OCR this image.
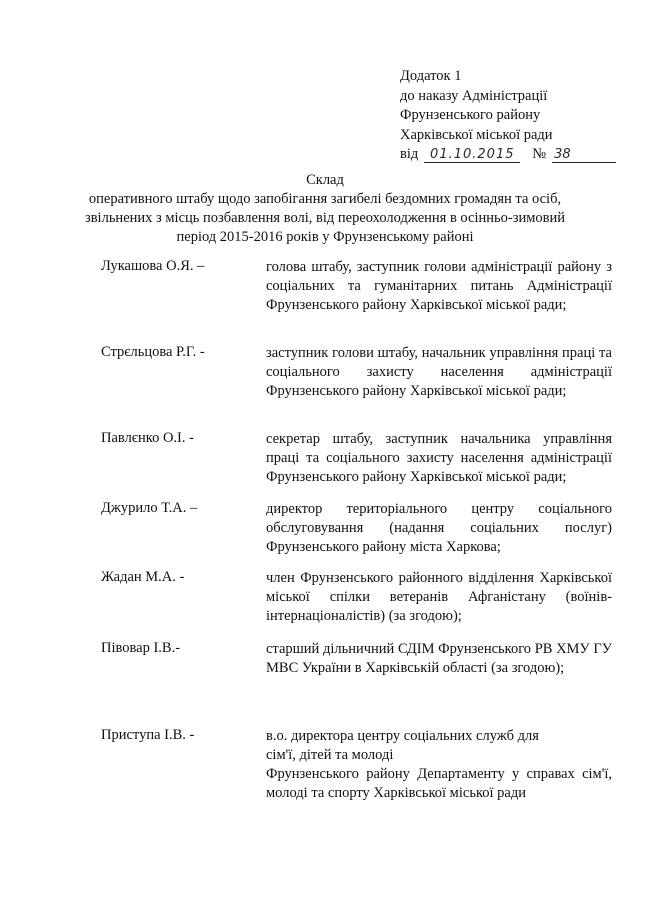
Додаток 1
до наказу Адміністрації
Фрунзенського району
Харківської міської ради
від 01.10.2015 № 38
Склад
оперативного штабу щодо запобігання загибелі бездомних громадян та осіб,
звільнених з місць позбавлення волі, від переохолодження в осінньо-зимовий
період 2015-2016 років у Фрунзенському районі
Лукашова О.Я. –	голова штабу, заступник голови адміністрації району з соціальних та гуманітарних питань Адміністрації Фрунзенського району Харківської міської ради;
Стрєльцова Р.Г. -	заступник голови штабу, начальник управління праці та соціального захисту населення адміністрації Фрунзенського району Харківської міської ради;
Павлєнко О.І. -	секретар штабу, заступник начальника управління праці та соціального захисту населення адміністрації Фрунзенського району Харківської міської ради;
Джурило Т.А. –	директор територіального центру соціального обслуговування (надання соціальних послуг) Фрунзенського району міста Харкова;
Жадан М.А. -	член Фрунзенського районного відділення Харківської міської спілки ветеранів Афганістану (воїнів-інтернаціоналістів) (за згодою);
Півовар І.В.-	старший дільничний СДІМ Фрунзенського РВ ХМУ ГУ МВС України в Харківській області (за згодою);
Приступа І.В. -	в.о. директора центру соціальних служб для
сім'ї, дітей та молоді
Фрунзенського району Департаменту у справах сім'ї, молоді та спорту Харківської міської ради
